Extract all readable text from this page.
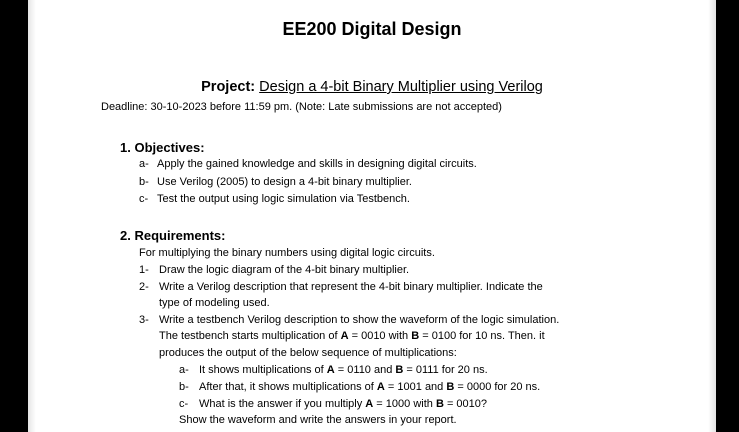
EE200 Digital Design
Project: Design a 4-bit Binary Multiplier using Verilog
Deadline: 30-10-2023 before 11:59 pm. (Note: Late submissions are not accepted)
1. Objectives:
a- Apply the gained knowledge and skills in designing digital circuits.
b- Use Verilog (2005) to design a 4-bit binary multiplier.
c- Test the output using logic simulation via Testbench.
2. Requirements:
For multiplying the binary numbers using digital logic circuits.
1- Draw the logic diagram of the 4-bit binary multiplier.
2- Write a Verilog description that represent the 4-bit binary multiplier. Indicate the
type of modeling used.
3- Write a testbench Verilog description to show the waveform of the logic simulation.
The testbench starts multiplication of A = 0010 with B = 0100 for 10 ns. Then. it
produces the output of the below sequence of multiplications:
a- It shows multiplications of A = 0110 and B = 0111 for 20 ns.
b- After that, it shows multiplications of A = 1001 and B = 0000 for 20 ns.
c- What is the answer if you multiply A = 1000 with B = 0010?
Show the waveform and write the answers in your report.
